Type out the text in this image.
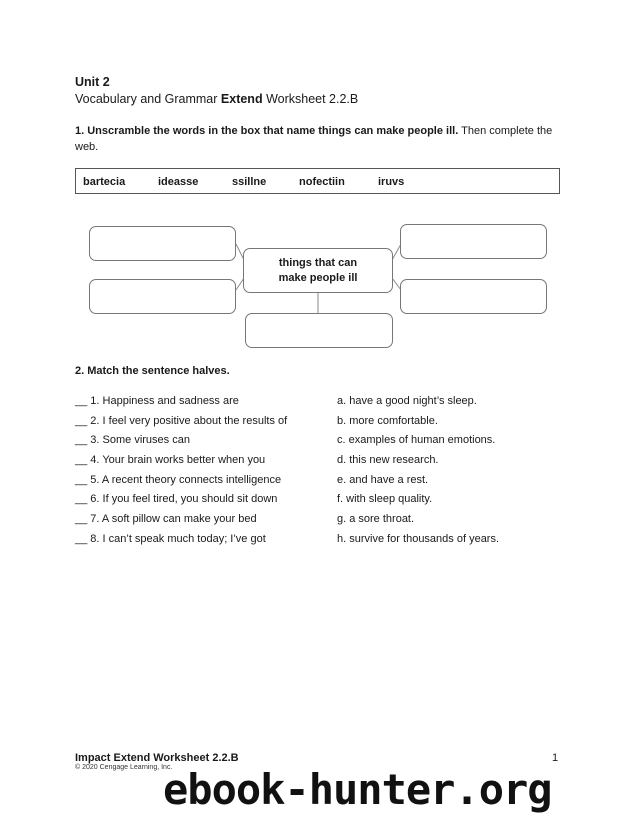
Unit 2
Vocabulary and Grammar Extend Worksheet 2.2.B
1. Unscramble the words in the box that name things can make people ill. Then complete the web.
bartecia	ideasse	ssillne	nofectiin	iruvs
things that can
make people ill
2. Match the sentence halves.
__ 1. Happiness and sadness are
__ 2. I feel very positive about the results of
__ 3. Some viruses can
__ 4. Your brain works better when you
__ 5. A recent theory connects intelligence
__ 6. If you feel tired, you should sit down
__ 7. A soft pillow can make your bed
__ 8. I can’t speak much today; I’ve got
a. have a good night’s sleep.
b. more comfortable.
c. examples of human emotions.
d. this new research.
e. and have a rest.
f. with sleep quality.
g. a sore throat.
h. survive for thousands of years.
Impact Extend Worksheet 2.2.B
© 2020 Cengage Learning, Inc.
1
ebook-hunter.org
